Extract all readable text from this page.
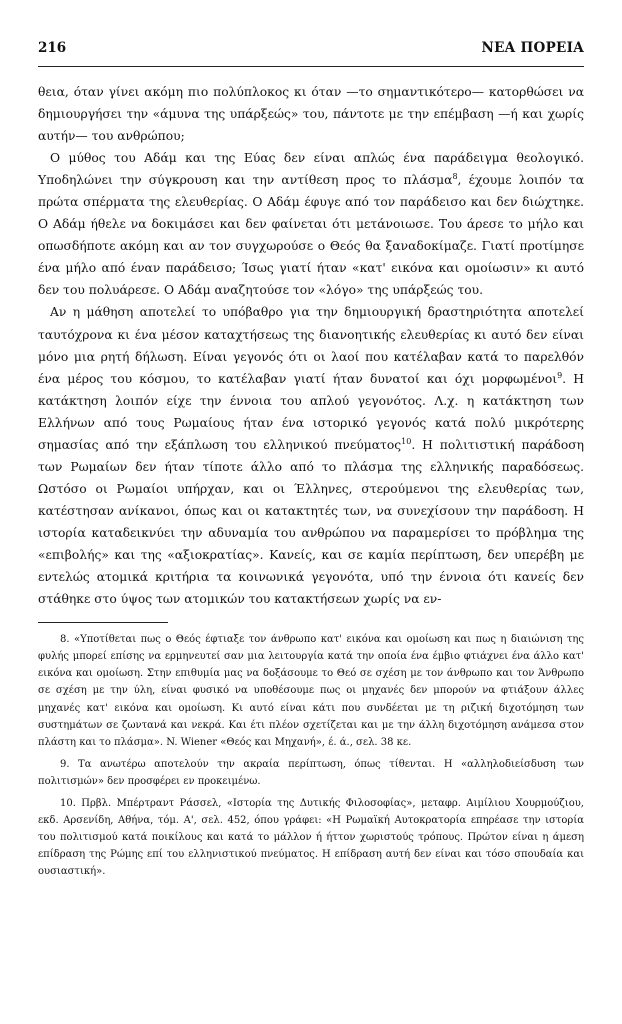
216	ΝΕΑ ΠΟΡΕΙΑ

θεια, όταν γίνει ακόμη πιο πολύπλοκος κι όταν —το σημαντικότερο— κατορθώσει να δημιουργήσει την «άμυνα της υπάρξεώς» του, πάντοτε με την επέμβαση —ή και χωρίς αυτήν— του ανθρώπου;

Ο μύθος του Αδάμ και της Εύας δεν είναι απλώς ένα παράδειγμα θεολογικό. Υποδηλώνει την σύγκρουση και την αντίθεση προς το πλάσμα$^8$, έχουμε λοιπόν τα πρώτα σπέρματα της ελευθερίας. Ο Αδάμ έφυγε από τον παράδεισο και δεν διώχτηκε. Ο Αδάμ ήθελε να δοκιμάσει και δεν φαίνεται ότι μετάνοιωσε. Του άρεσε το μήλο και οπωσδήποτε ακόμη και αν τον συγχωρούσε ο Θεός θα ξαναδοκίμαζε. Γιατί προτίμησε ένα μήλο από έναν παράδεισο; Ίσως γιατί ήταν «κατ' εικόνα και ομοίωσιν» κι αυτό δεν του πολυάρεσε. Ο Αδάμ αναζητούσε τον «λόγο» της υπάρξεώς του.

Αν η μάθηση αποτελεί το υπόβαθρο για την δημιουργική δραστηριότητα αποτελεί ταυτόχρονα κι ένα μέσον καταχτήσεως της διανοητικής ελευθερίας κι αυτό δεν είναι μόνο μια ρητή δήλωση. Είναι γεγονός ότι οι λαοί που κατέλαβαν κατά το παρελθόν ένα μέρος του κόσμου, το κατέλαβαν γιατί ήταν δυνατοί και όχι μορφωμένοι$^9$. Η κατάκτηση λοιπόν είχε την έννοια του απλού γεγονότος. Λ.χ. η κατάκτηση των Ελλήνων από τους Ρωμαίους ήταν ένα ιστορικό γεγονός κατά πολύ μικρότερης σημασίας από την εξάπλωση του ελληνικού πνεύματος$^{10}$. Η πολιτιστική παράδοση των Ρωμαίων δεν ήταν τίποτε άλλο από το πλάσμα της ελληνικής παραδόσεως. Ωστόσο οι Ρωμαίοι υπήρχαν, και οι Έλληνες, στερούμενοι της ελευθερίας των, κατέστησαν ανίκανοι, όπως και οι κατακτητές των, να συνεχίσουν την παράδοση. Η ιστορία καταδεικνύει την αδυναμία του ανθρώπου να παραμερίσει το πρόβλημα της «επιβολής» και της «αξιοκρατίας». Κανείς, και σε καμία περίπτωση, δεν υπερέβη με εντελώς ατομικά κριτήρια τα κοινωνικά γεγονότα, υπό την έννοια ότι κανείς δεν στάθηκε στο ύψος των ατομικών του κατακτήσεων χωρίς να εν-

8. «Υποτίθεται πως ο Θεός έφτιαξε τον άνθρωπο κατ' εικόνα και ομοίωση και πως η διαιώνιση της φυλής μπορεί επίσης να ερμηνευτεί σαν μια λειτουργία κατά την οποία ένα έμβιο φτιάχνει ένα άλλο κατ' εικόνα και ομοίωση. Στην επιθυμία μας να δοξάσουμε το Θεό σε σχέση με τον άνθρωπο και τον Άνθρωπο σε σχέση με την ύλη, είναι φυσικό να υποθέσουμε πως οι μηχανές δεν μπορούν να φτιάξουν άλλες μηχανές κατ' εικόνα και ομοίωση. Κι αυτό είναι κάτι που συνδέεται με τη ριζική διχοτόμηση των συστημάτων σε ζωντανά και νεκρά. Και έτι πλέον σχετίζεται και με την άλλη διχοτόμηση ανάμεσα στον πλάστη και το πλάσμα». N. Wiener «Θεός και Μηχανή», έ. ά., σελ. 38 κε.

9. Τα ανωτέρω αποτελούν την ακραία περίπτωση, όπως τίθενται. Η «αλληλοδιείσδυση των πολιτισμών» δεν προσφέρει εν προκειμένω.

10. Πρβλ. Μπέρτραντ Ράσσελ, «Ιστορία της Δυτικής Φιλοσοφίας», μεταφρ. Αιμίλιου Χουρμούζιου, εκδ. Αρσενίδη, Αθήνα, τόμ. Α', σελ. 452, όπου γράφει: «Η Ρωμαϊκή Αυτοκρατορία επηρέασε την ιστορία του πολιτισμού κατά ποικίλους και κατά το μάλλον ή ήττον χωριστούς τρόπους. Πρώτον είναι η άμεση επίδραση της Ρώμης επί του ελληνιστικού πνεύματος. Η επίδραση αυτή δεν είναι και τόσο σπουδαία και ουσιαστική».
